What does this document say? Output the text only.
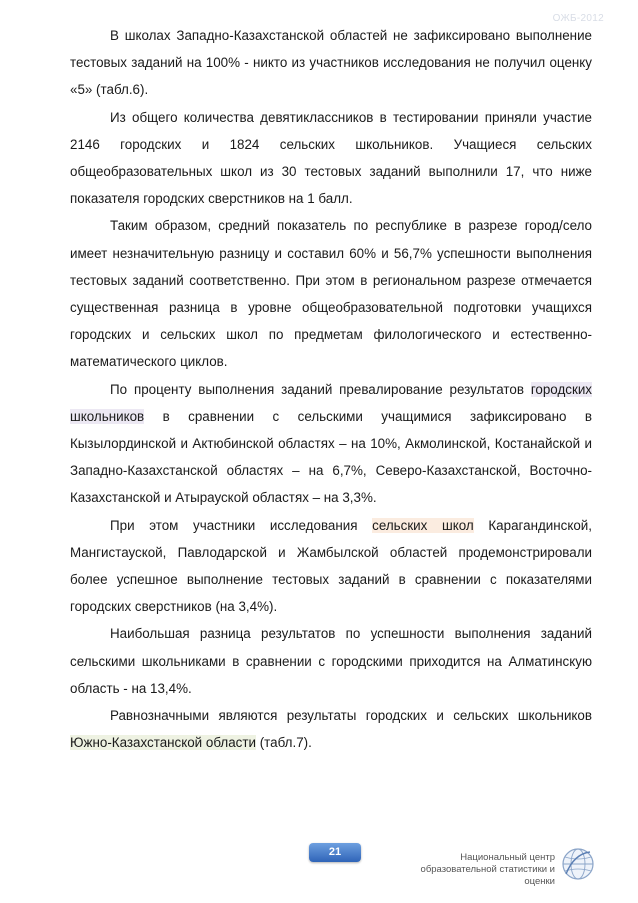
ОЖБ-2012

В школах Западно-Казахстанской областей не зафиксировано выполнение тестовых заданий на 100% - никто из участников исследования не получил оценку «5» (табл.6).

Из общего количества девятиклассников в тестировании приняли участие 2146 городских и 1824 сельских школьников. Учащиеся сельских общеобразовательных школ из 30 тестовых заданий выполнили 17, что ниже показателя городских сверстников на 1 балл.

Таким образом, средний показатель по республике в разрезе город/село имеет незначительную разницу и составил 60% и 56,7% успешности выполнения тестовых заданий соответственно. При этом в региональном разрезе отмечается существенная разница в уровне общеобразовательной подготовки учащихся городских и сельских школ по предметам филологического и естественно-математического циклов.

По проценту выполнения заданий превалирование результатов городских школьников в сравнении с сельскими учащимися зафиксировано в Кызылординской и Актюбинской областях – на 10%, Акмолинской, Костанайской и Западно-Казахстанской областях – на 6,7%, Северо-Казахстанской, Восточно-Казахстанской и Атырауской областях – на 3,3%.

При этом участники исследования сельских школ Карагандинской, Мангистауской, Павлодарской и Жамбылской областей продемонстрировали более успешное выполнение тестовых заданий в сравнении с показателями городских сверстников (на 3,4%).

Наибольшая разница результатов по успешности выполнения заданий сельскими школьниками в сравнении с городскими приходится на Алматинскую область - на 13,4%.

Равнозначными являются результаты городских и сельских школьников Южно-Казахстанской области (табл.7).

21	Национальный центр
образовательной статистики и оценки
